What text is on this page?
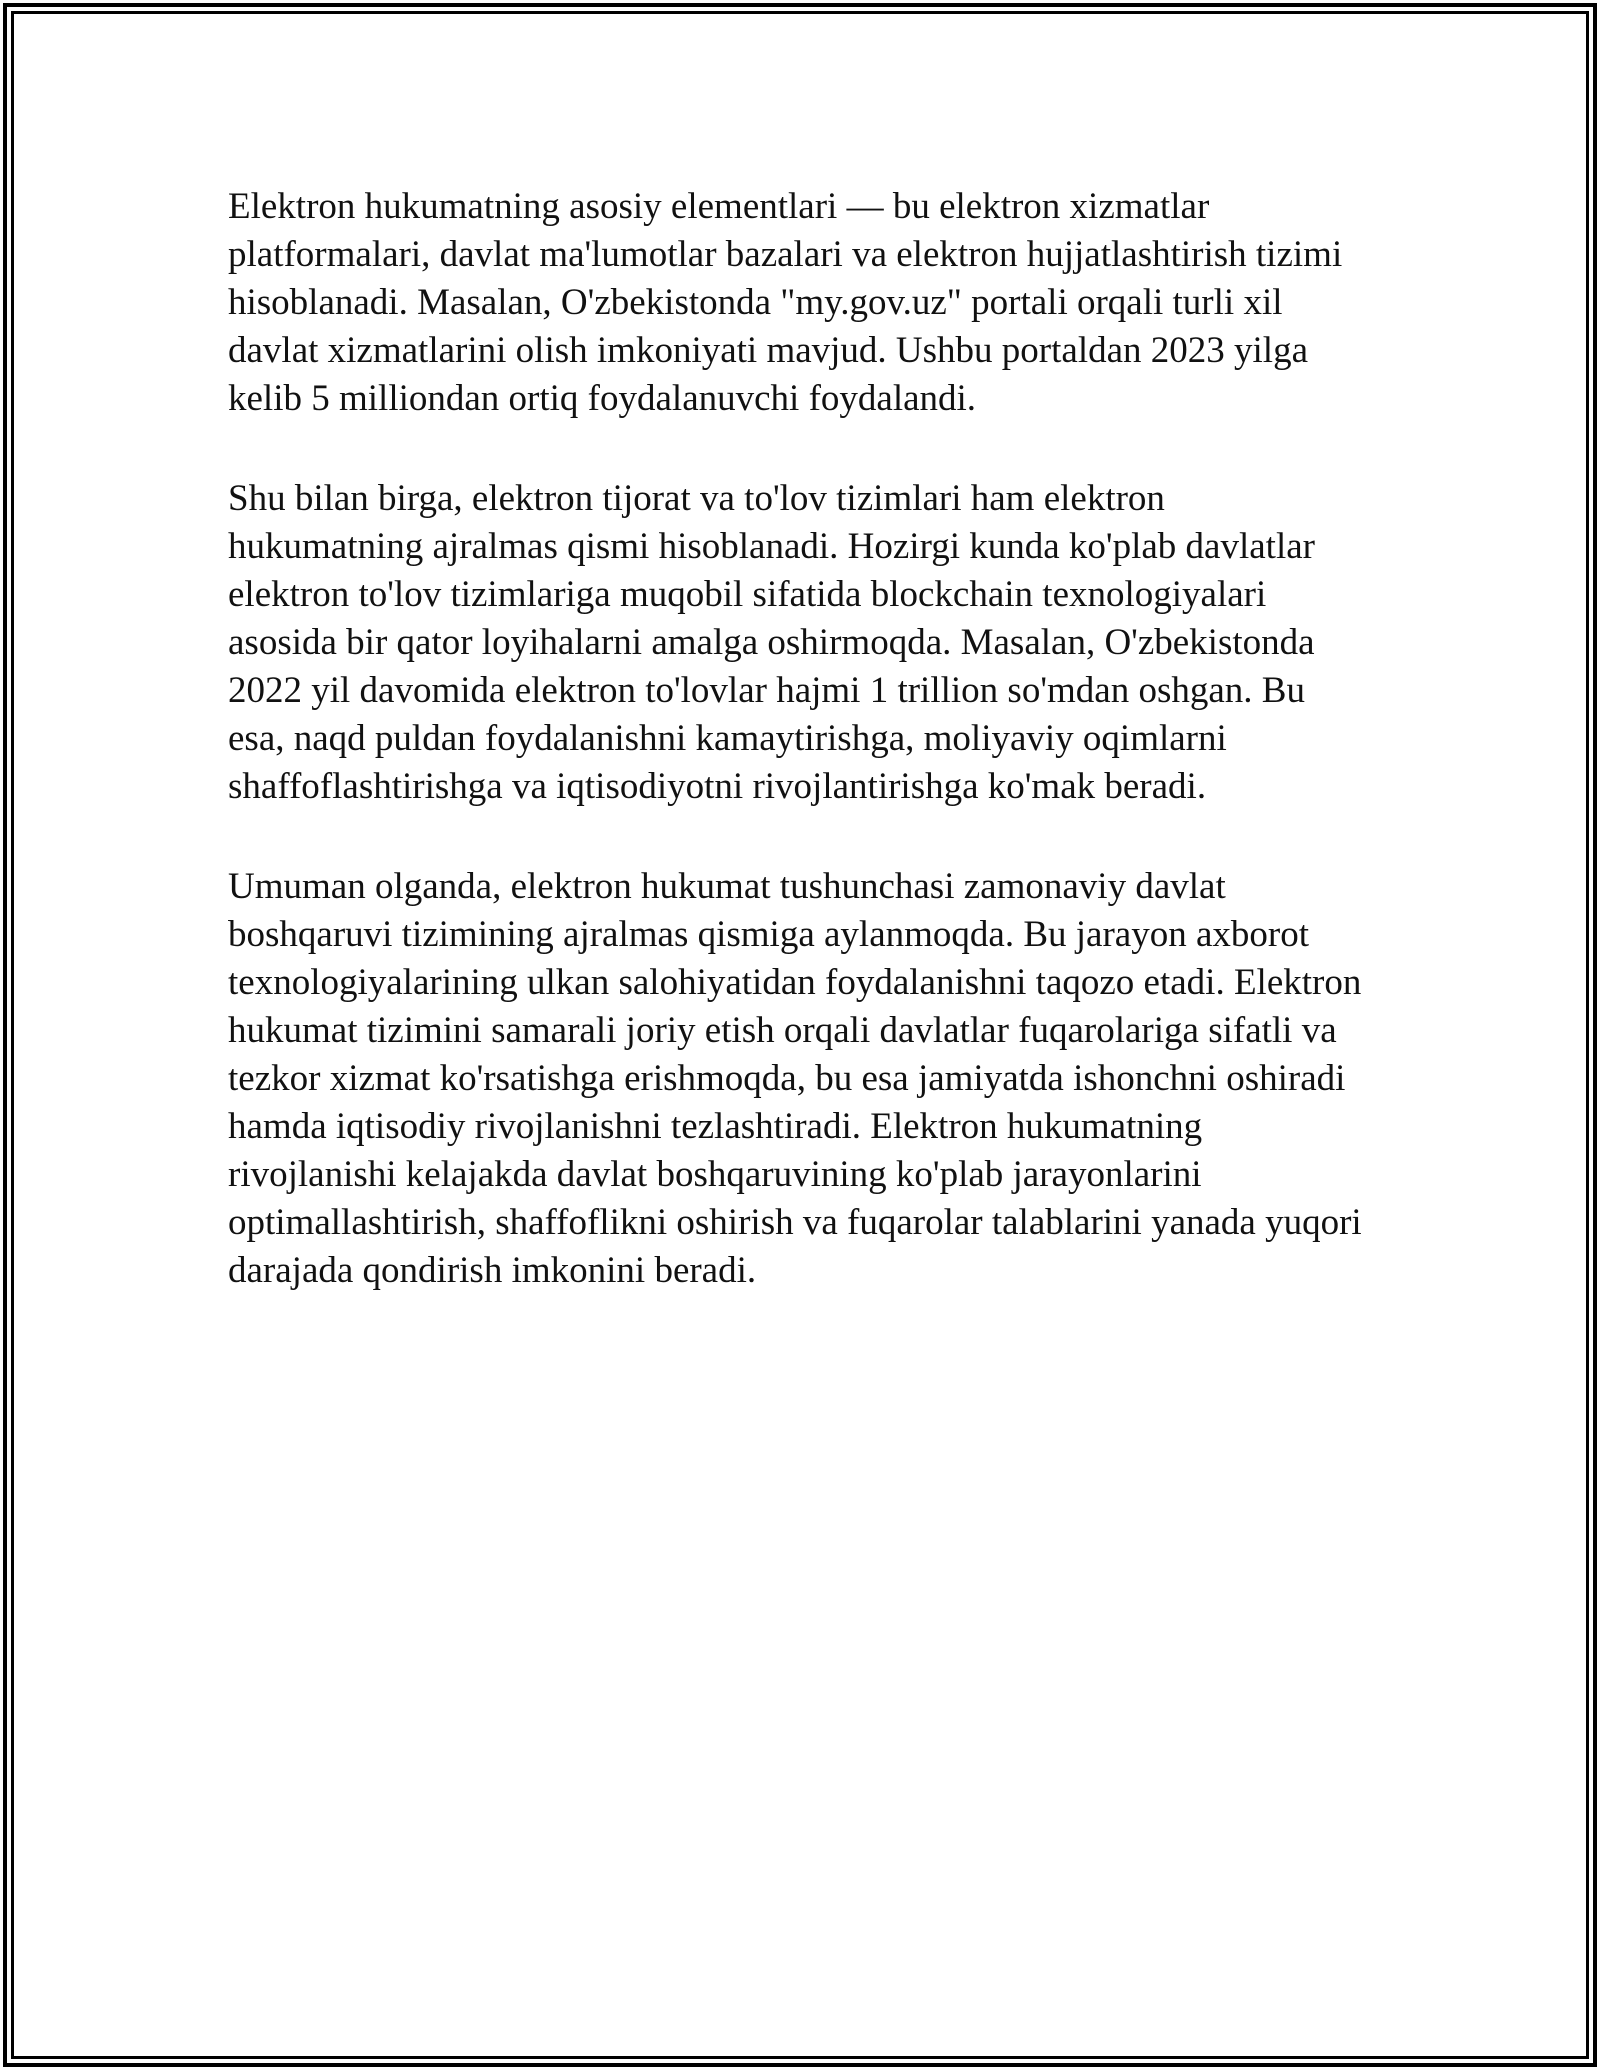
Elektron hukumatning asosiy elementlari — bu elektron xizmatlar platformalari, davlat ma'lumotlar bazalari va elektron hujjatlashtirish tizimi hisoblanadi. Masalan, O'zbekistonda "my.gov.uz" portali orqali turli xil davlat xizmatlarini olish imkoniyati mavjud. Ushbu portaldan 2023 yilga kelib 5 milliondan ortiq foydalanuvchi foydalandi.

Shu bilan birga, elektron tijorat va to'lov tizimlari ham elektron hukumatning ajralmas qismi hisoblanadi. Hozirgi kunda ko'plab davlatlar elektron to'lov tizimlariga muqobil sifatida blockchain texnologiyalari asosida bir qator loyihalarni amalga oshirmoqda. Masalan, O'zbekistonda 2022 yil davomida elektron to'lovlar hajmi 1 trillion so'mdan oshgan. Bu esa, naqd puldan foydalanishni kamaytirishga, moliyaviy oqimlarni shaffoflashtirishga va iqtisodiyotni rivojlantirishga ko'mak beradi.

Umuman olganda, elektron hukumat tushunchasi zamonaviy davlat boshqaruvi tizimining ajralmas qismiga aylanmoqda. Bu jarayon axborot texnologiyalarining ulkan salohiyatidan foydalanishni taqozo etadi. Elektron hukumat tizimini samarali joriy etish orqali davlatlar fuqarolariga sifatli va tezkor xizmat ko'rsatishga erishmoqda, bu esa jamiyatda ishonchni oshiradi hamda iqtisodiy rivojlanishni tezlashtiradi. Elektron hukumatning rivojlanishi kelajakda davlat boshqaruvining ko'plab jarayonlarini optimallashtirish, shaffoflikni oshirish va fuqarolar talablarini yanada yuqori darajada qondirish imkonini beradi.
